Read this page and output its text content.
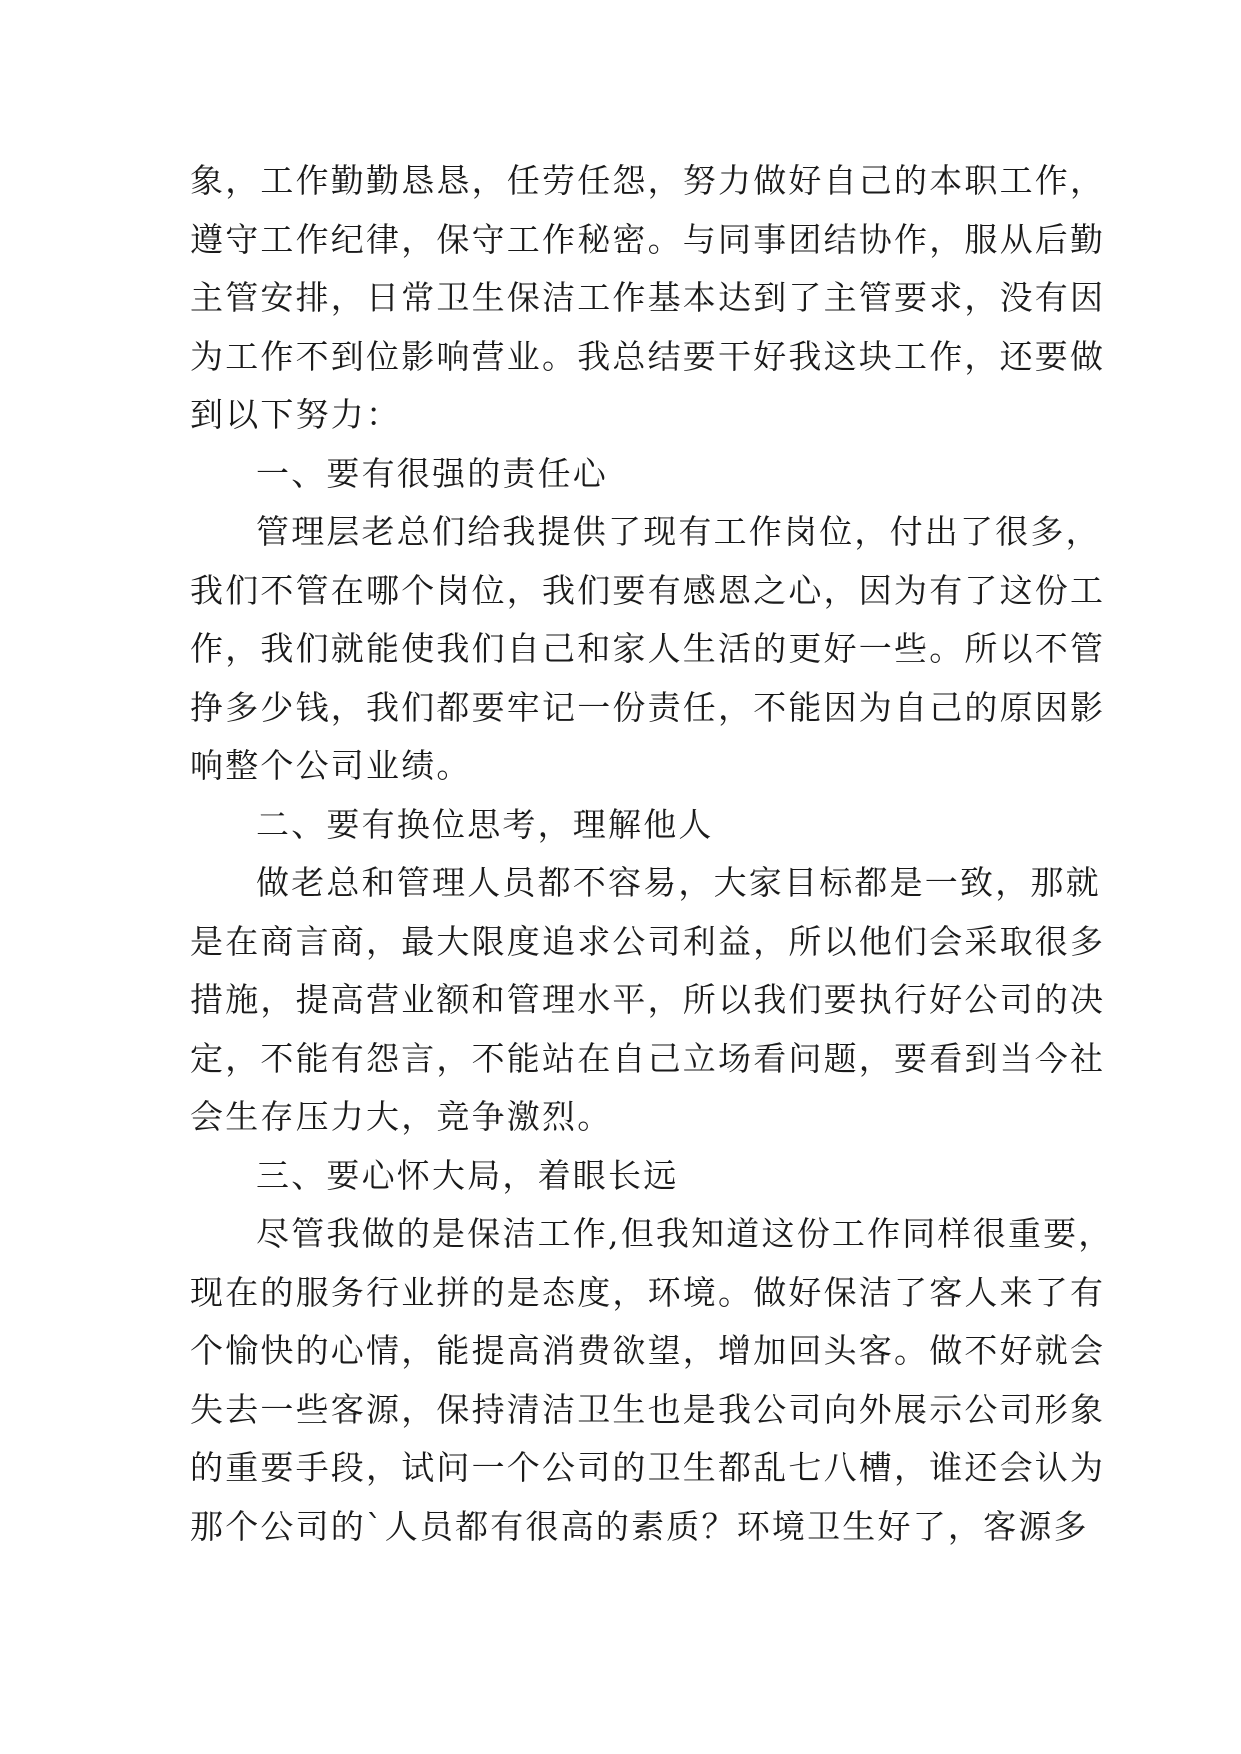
象，工作勤勤恳恳，任劳任怨，努力做好自己的本职工作，
遵守工作纪律，保守工作秘密。与同事团结协作，服从后勤
主管安排，日常卫生保洁工作基本达到了主管要求，没有因
为工作不到位影响营业。我总结要干好我这块工作，还要做
到以下努力：
一、要有很强的责任心
管理层老总们给我提供了现有工作岗位，付出了很多，
我们不管在哪个岗位，我们要有感恩之心，因为有了这份工
作，我们就能使我们自己和家人生活的更好一些。所以不管
挣多少钱，我们都要牢记一份责任，不能因为自己的原因影
响整个公司业绩。
二、要有换位思考，理解他人
做老总和管理人员都不容易，大家目标都是一致，那就
是在商言商，最大限度追求公司利益，所以他们会采取很多
措施，提高营业额和管理水平，所以我们要执行好公司的决
定，不能有怨言，不能站在自己立场看问题，要看到当今社
会生存压力大，竞争激烈。
三、要心怀大局，着眼长远
尽管我做的是保洁工作,但我知道这份工作同样很重要，
现在的服务行业拼的是态度，环境。做好保洁了客人来了有
个愉快的心情，能提高消费欲望，增加回头客。做不好就会
失去一些客源，保持清洁卫生也是我公司向外展示公司形象
的重要手段，试问一个公司的卫生都乱七八槽，谁还会认为
那个公司的`人员都有很高的素质？环境卫生好了，客源多
